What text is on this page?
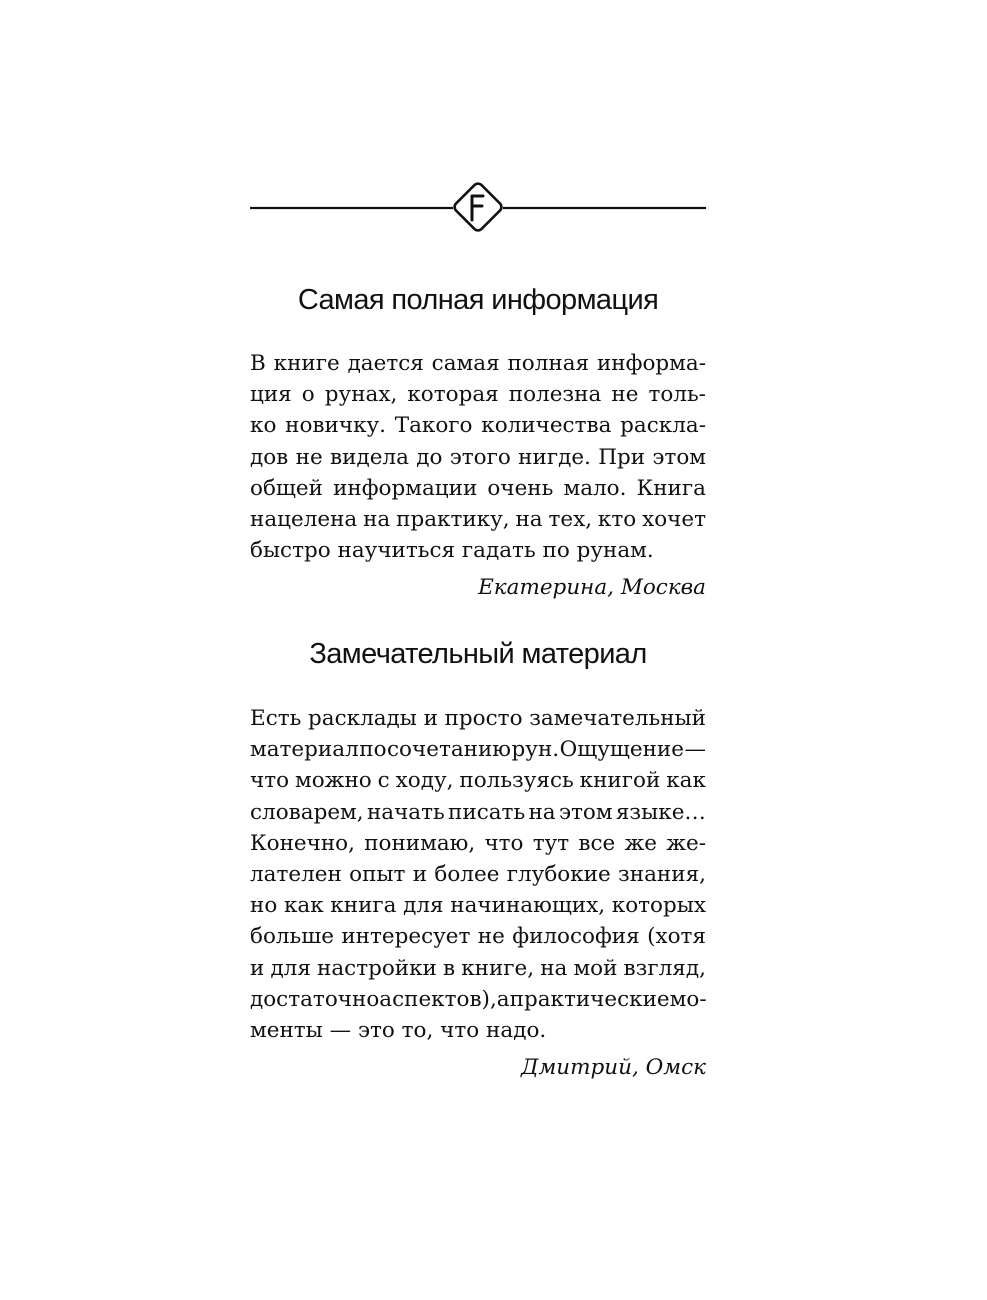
Самая полная информация
В книге дается самая полная информа-
ция о рунах, которая полезна не толь-
ко новичку. Такого количества раскла-
дов не видела до этого нигде. При этом
общей информации очень мало. Книга
нацелена на практику, на тех, кто хочет
быстро научиться гадать по рунам.
Екатерина, Москва
Замечательный материал
Есть расклады и просто замечательный
материал по сочетанию рун. Ощущение —
что можно с ходу, пользуясь книгой как
словарем, начать писать на этом языке…
Конечно, понимаю, что тут все же же-
лателен опыт и более глубокие знания,
но как книга для начинающих, которых
больше интересует не философия (хотя
и для настройки в книге, на мой взгляд,
достаточно аспектов), а практические мо-
менты — это то, что надо.
Дмитрий, Омск
